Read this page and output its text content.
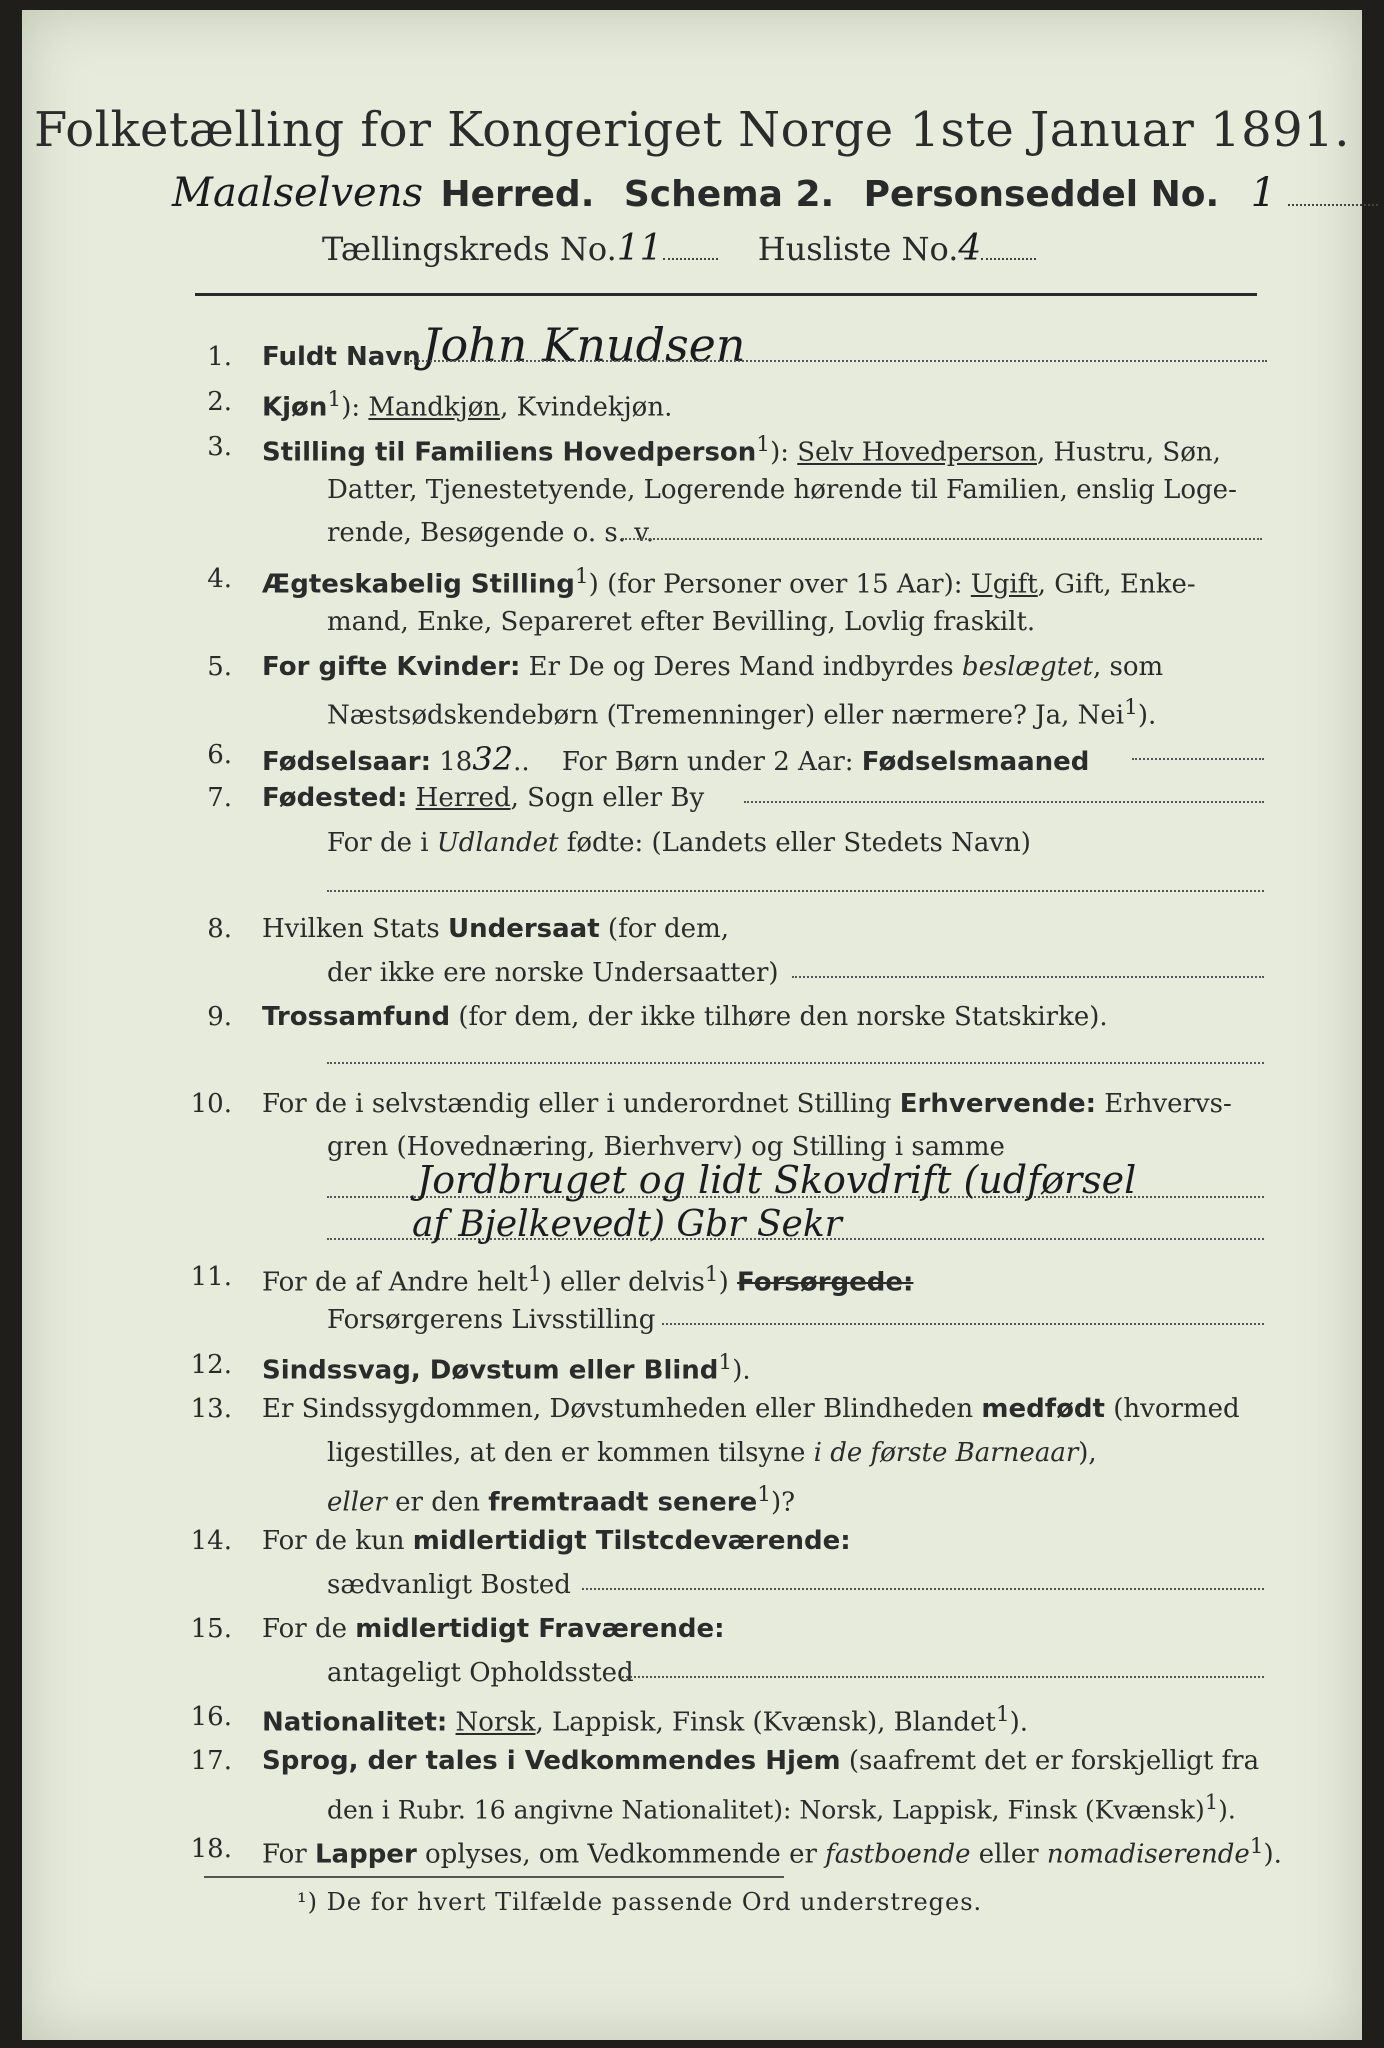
Folketælling for Kongeriget Norge 1ste Januar 1891.
Maalselvens Herred. Schema 2. Personseddel No. 1
Tællingskreds No.11	Husliste No.4
1. Fuldt Navn John Knudsen
2. Kjøn$^1$): Mandkjøn, Kvindekjøn.
3. Stilling til Familiens Hovedperson$^1$): Selv Hovedperson, Hustru, Søn,
Datter, Tjenestetyende, Logerende hørende til Familien, enslig Loge-
rende, Besøgende o. s. v.
4. Ægteskabelig Stilling$^1$) (for Personer over 15 Aar): Ugift, Gift, Enke-
mand, Enke, Separeret efter Bevilling, Lovlig fraskilt.
5. For gifte Kvinder: Er De og Deres Mand indbyrdes beslægtet, som
Næstsødskendebørn (Tremenninger) eller nærmere? Ja, Nei$^1$).
6. Fødselsaar: 1832.. For Børn under 2 Aar: Fødselsmaaned
7. Fødested: Herred, Sogn eller By
For de i Udlandet fødte: (Landets eller Stedets Navn)
8. Hvilken Stats Undersaat (for dem,
der ikke ere norske Undersaatter)
9. Trossamfund (for dem, der ikke tilhøre den norske Statskirke).
10. For de i selvstændig eller i underordnet Stilling Erhvervende: Erhvervs-
gren (Hovednæring, Bierhverv) og Stilling i samme
Jordbruget og lidt Skovdrift (udførsel
af Bjelkevedt) Gbr Sekr
11. For de af Andre helt$^1$) eller delvis$^1$) Forsørgede:
Forsørgerens Livsstilling
12. Sindssvag, Døvstum eller Blind$^1$).
13. Er Sindssygdommen, Døvstumheden eller Blindheden medfødt (hvormed
ligestilles, at den er kommen tilsyne i de første Barneaar),
eller er den fremtraadt senere$^1$)?
14. For de kun midlertidigt Tilstcdeværende:
sædvanligt Bosted
15. For de midlertidigt Fraværende:
antageligt Opholdssted
16. Nationalitet: Norsk, Lappisk, Finsk (Kvænsk), Blandet$^1$).
17. Sprog, der tales i Vedkommendes Hjem (saafremt det er forskjelligt fra
den i Rubr. 16 angivne Nationalitet): Norsk, Lappisk, Finsk (Kvænsk)$^1$).
18. For Lapper oplyses, om Vedkommende er fastboende eller nomadiserende$^1$).
¹) De for hvert Tilfælde passende Ord understreges.
